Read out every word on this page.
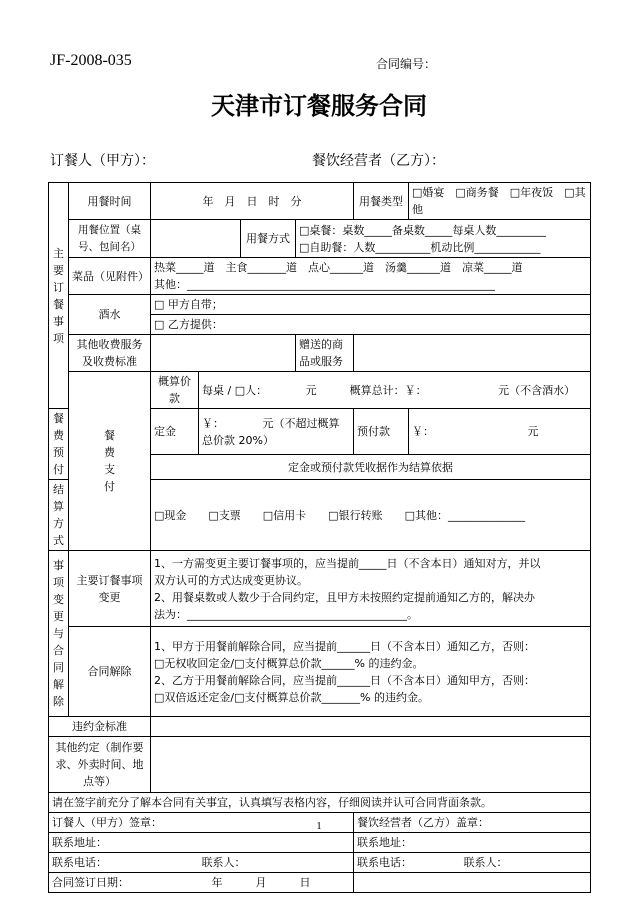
JF-2008-035	合同编号：
天津市订餐服务合同
订餐人（甲方）：	餐饮经营者（乙方）：
主要订餐事项	用餐时间	年　月　日　时　分				用餐类型	□婚宴　□商务餐　□年夜饭　□其他	
	用餐位置（桌号、包间名）			用餐方式	□桌餐：桌数_____备桌数_____每桌人数_________
□自助餐：人数__________机动比例____________			

	菜品（见附件）	热菜_____道　主食_______道　点心______道　汤羹______道　凉菜_____道
其他：________________________________________________________						

	酒水	□ 甲方自带；						
		□ 乙方提供：						
	其他收费服务及收费标准				赠送的商品或服务			

	餐费支付	概算价款	每桌 / □人：　　　　元　　　概算总计：￥：　　　　　　　元（不含酒水）					
餐费预付		定金	￥：　　　　元（不超过概算总价款 20%）			预付款	￥：　　　　　　　　　元	
		定金或预付款凭收据作为结算依据						
结算方式		□现金　　□支票　　□信用卡　　□银行转账　　□其他：______________						

事项变更与合同解除	主要订餐事项变更	1、一方需变更主要订餐事项的，应当提前_____日（不含本日）通知对方，并以
双方认可的方式达成变更协议。
2、用餐桌数或人数少于合同约定，且甲方未按照约定提前通知乙方的，解决办
法为：________________________________________。						

	合同解除	1、甲方于用餐前解除合同，应当提前______日（不含本日）通知乙方，否则：
□无权收回定金/□支付概算总价款______% 的违约金。
2、乙方于用餐前解除合同，应当提前______日（不含本日）通知甲方，否则：
□双倍返还定金/□支付概算总价款_______% 的违约金。						

违约金标准								
其他约定（制作要求、外卖时间、地点等）								
请在签字前充分了解本合同有关事宜，认真填写表格内容，仔细阅读并认可合同背面条款。								
订餐人（甲方）签章：						餐饮经营者（乙方）盖章：		
联系地址：						联系地址：		
联系电话：			联系人：			联系电话：		联系人：
合同签订日期：　　　　　　　　年　　　月　　　日								
1
